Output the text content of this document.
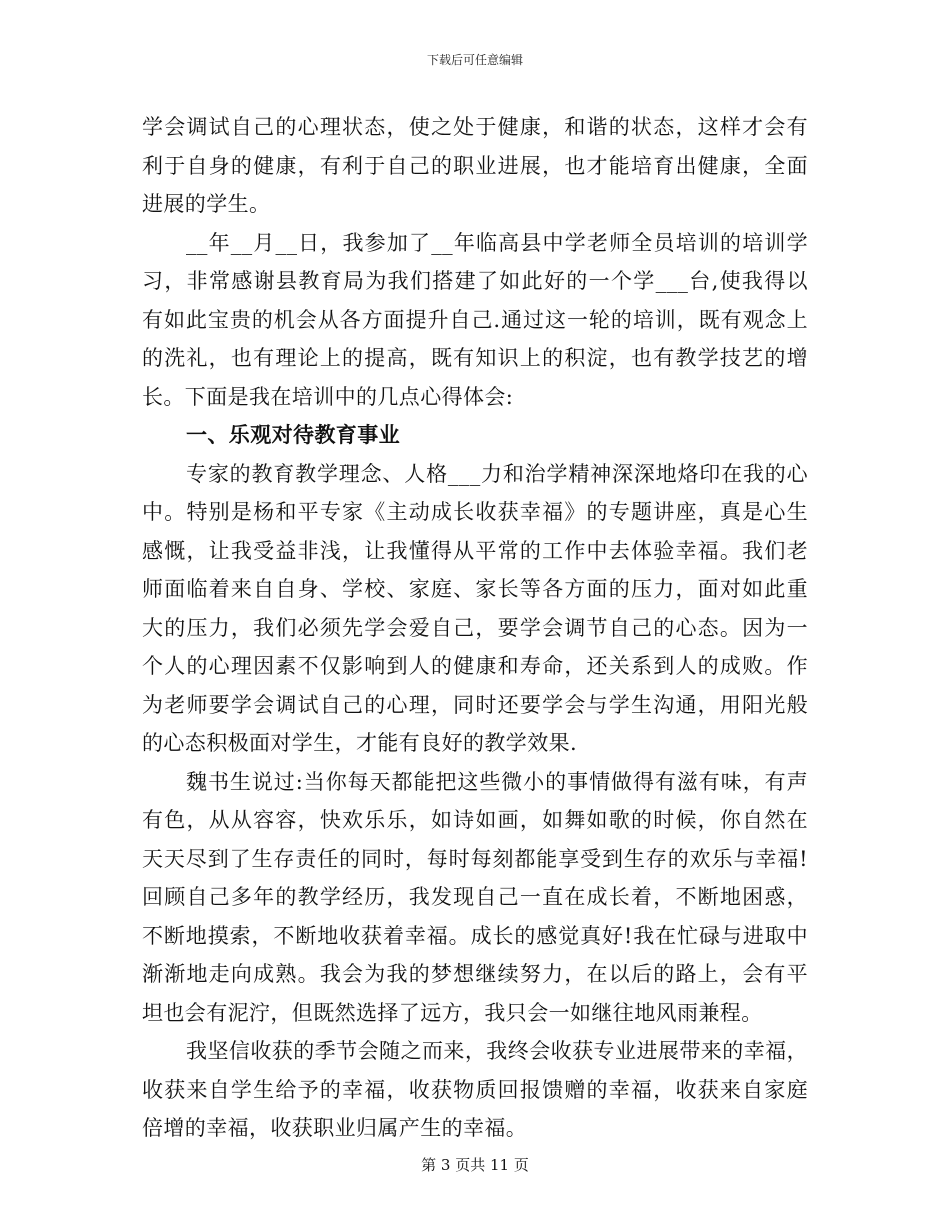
下载后可任意编辑
学会调试自己的心理状态，使之处于健康，和谐的状态，这样才会有
利于自身的健康，有利于自己的职业进展，也才能培育出健康，全面
进展的学生。
__年__月__日，我参加了__年临高县中学老师全员培训的培训学
习，非常感谢县教育局为我们搭建了如此好的一个学___台,使我得以
有如此宝贵的机会从各方面提升自己.通过这一轮的培训，既有观念上
的洗礼，也有理论上的提高，既有知识上的积淀，也有教学技艺的增
长。下面是我在培训中的几点心得体会:
一、乐观对待教育事业
专家的教育教学理念、人格___力和治学精神深深地烙印在我的心
中。特别是杨和平专家《主动成长收获幸福》的专题讲座，真是心生
感慨，让我受益非浅，让我懂得从平常的工作中去体验幸福。我们老
师面临着来自自身、学校、家庭、家长等各方面的压力，面对如此重
大的压力，我们必须先学会爱自己，要学会调节自己的心态。因为一
个人的心理因素不仅影响到人的健康和寿命，还关系到人的成败。作
为老师要学会调试自己的心理，同时还要学会与学生沟通，用阳光般
的心态积极面对学生，才能有良好的教学效果.
魏书生说过:当你每天都能把这些微小的事情做得有滋有味，有声
有色，从从容容，快欢乐乐，如诗如画，如舞如歌的时候，你自然在
天天尽到了生存责任的同时，每时每刻都能享受到生存的欢乐与幸福!
回顾自己多年的教学经历，我发现自己一直在成长着，不断地困惑，
不断地摸索，不断地收获着幸福。成长的感觉真好!我在忙碌与进取中
渐渐地走向成熟。我会为我的梦想继续努力，在以后的路上，会有平
坦也会有泥泞，但既然选择了远方，我只会一如继往地风雨兼程。
我坚信收获的季节会随之而来，我终会收获专业进展带来的幸福，
收获来自学生给予的幸福，收获物质回报馈赠的幸福，收获来自家庭
倍增的幸福，收获职业归属产生的幸福。
第 3 页共 11 页
